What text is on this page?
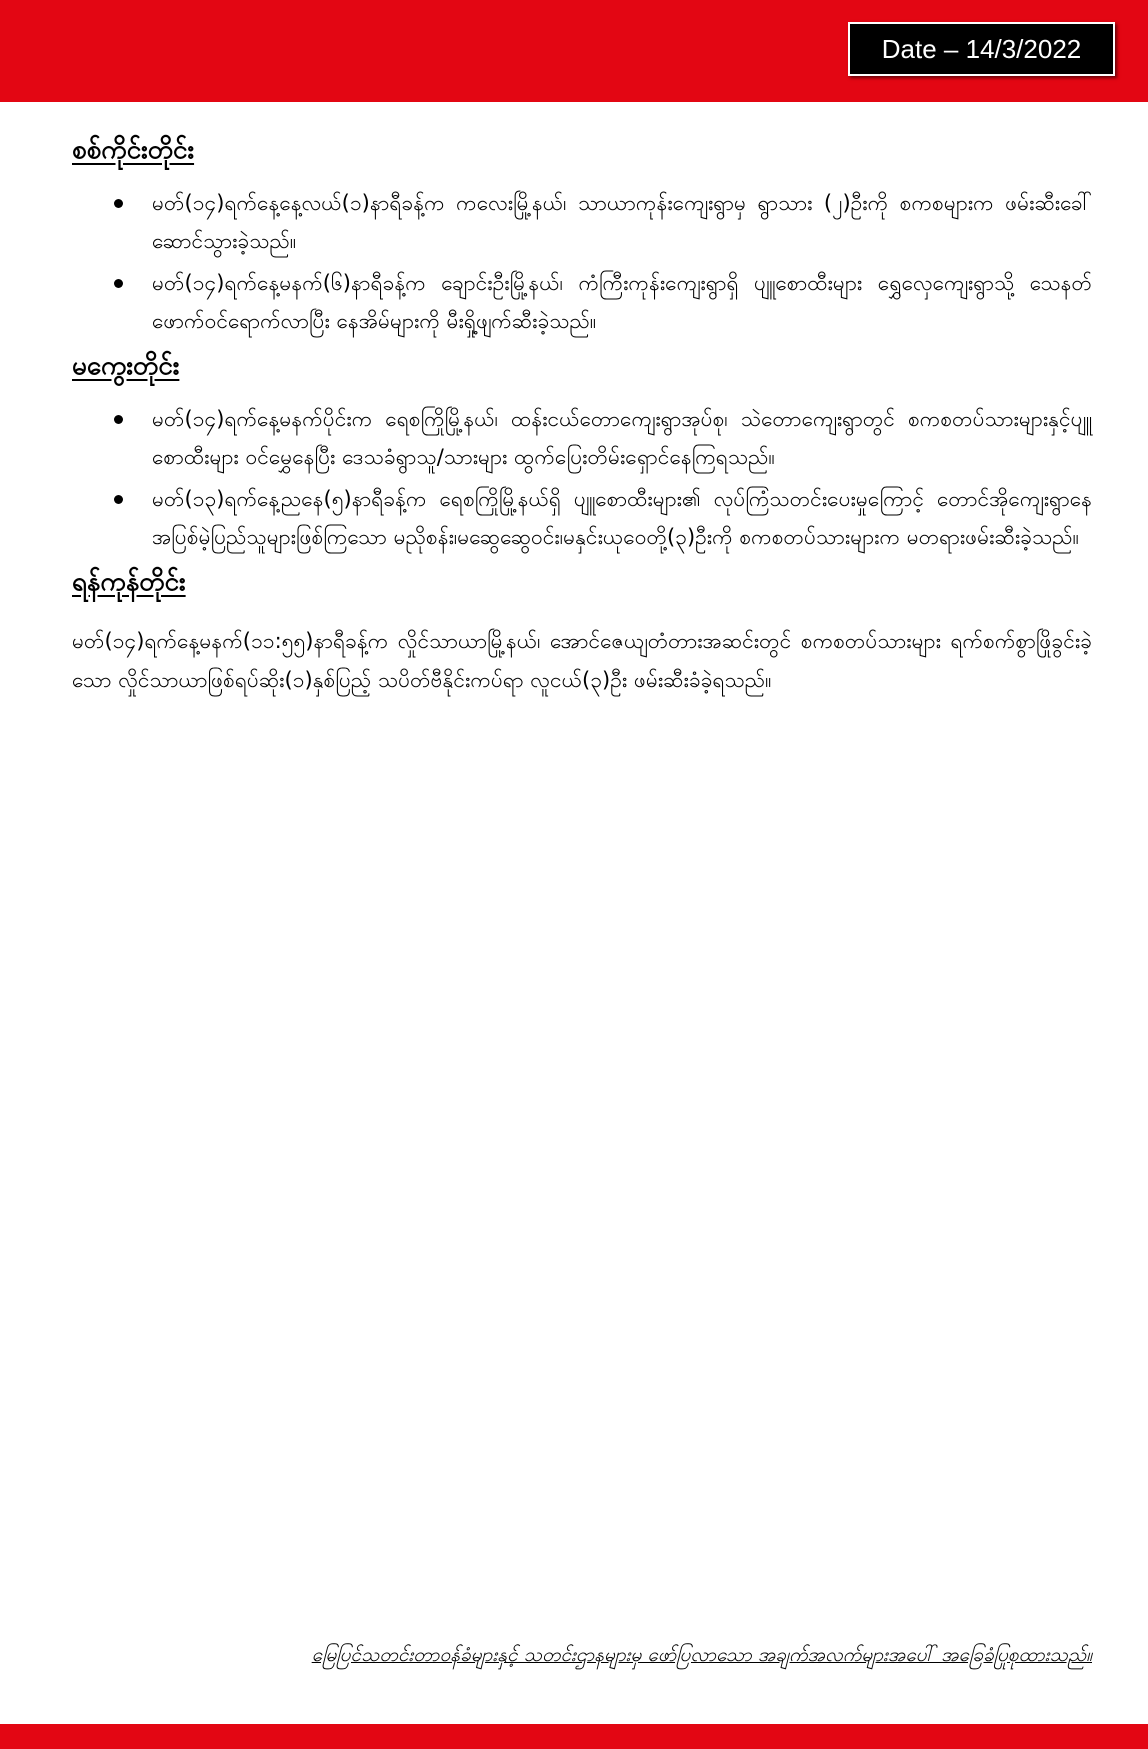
Date – 14/3/2022
စစ်ကိုင်းတိုင်း
မတ်(၁၄)ရက်နေ့နေ့လယ်(၁)နာရီခန့်က ကလေးမြို့နယ်၊ သာယာကုန်းကျေးရွာမှ ရွာသား (၂)ဦးကို စကစများက ဖမ်းဆီးခေါ်ဆောင်သွားခဲ့သည်။
မတ်(၁၄)ရက်နေ့မနက်(၆)နာရီခန့်က ချောင်းဦးမြို့နယ်၊ ကံကြီးကုန်းကျေးရွာရှိ ပျူစောထီးများ ရွှေလှေကျေးရွာသို့ သေနတ်ဖောက်ဝင်ရောက်လာပြီး နေအိမ်များကို မီးရှို့ဖျက်ဆီးခဲ့သည်။
မကွေးတိုင်း
မတ်(၁၄)ရက်နေ့မနက်ပိုင်းက ရေစကြိုမြို့နယ်၊ ထန်းငယ်တောကျေးရွာအုပ်စု၊ သဲတောကျေးရွာတွင် စကစတပ်သားများနှင့်ပျူစောထီးများ ဝင်မွှေနေပြီး ဒေသခံရွာသူ/သားများ ထွက်ပြေးတိမ်းရှောင်နေကြရသည်။
မတ်(၁၃)ရက်နေ့ညနေ(၅)နာရီခန့်က ရေစကြိုမြို့နယ်ရှိ ပျူစောထီးများ၏ လုပ်ကြံသတင်းပေးမှုကြောင့် တောင်အိုကျေးရွာနေ အပြစ်မဲ့ပြည်သူများဖြစ်ကြသော မညိုစန်း၊မဆွေဆွေဝင်း၊မနှင်းယုဝေတို့(၃)ဦးကို စကစတပ်သားများက မတရားဖမ်းဆီးခဲ့သည်။
ရန်ကုန်တိုင်း

မတ်(၁၄)ရက်နေ့မနက်(၁၁:၅၅)နာရီခန့်က လှိုင်သာယာမြို့နယ်၊ အောင်ဇေယျတံတားအဆင်းတွင် စကစတပ်သားများ ရက်စက်စွာဖြိုခွင်းခဲ့သော လှိုင်သာယာဖြစ်ရပ်ဆိုး(၁)နှစ်ပြည့် သပိတ်ဗီနိုင်းကပ်ရာ လူငယ်(၃)ဦး ဖမ်းဆီးခံခဲ့ရသည်။

မြေပြင်သတင်းတာဝန်ခံများနှင့် သတင်းဌာနများမှ ဖော်ပြလာသော အချက်အလက်များအပေါ် အခြေခံပြုစုထားသည်။
